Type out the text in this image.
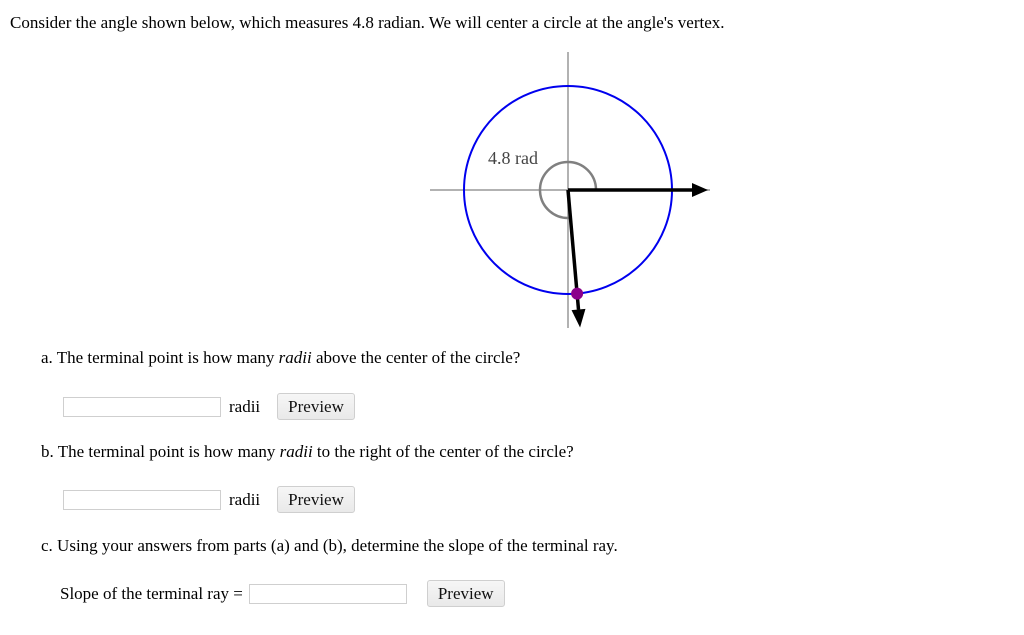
Consider the angle shown below, which measures 4.8 radian. We will center a circle at the angle's vertex.
4.8 rad
a. The terminal point is how many radii above the center of the circle?
radii	Preview
b. The terminal point is how many radii to the right of the center of the circle?
radii	Preview
c. Using your answers from parts (a) and (b), determine the slope of the terminal ray.
Slope of the terminal ray =	Preview
